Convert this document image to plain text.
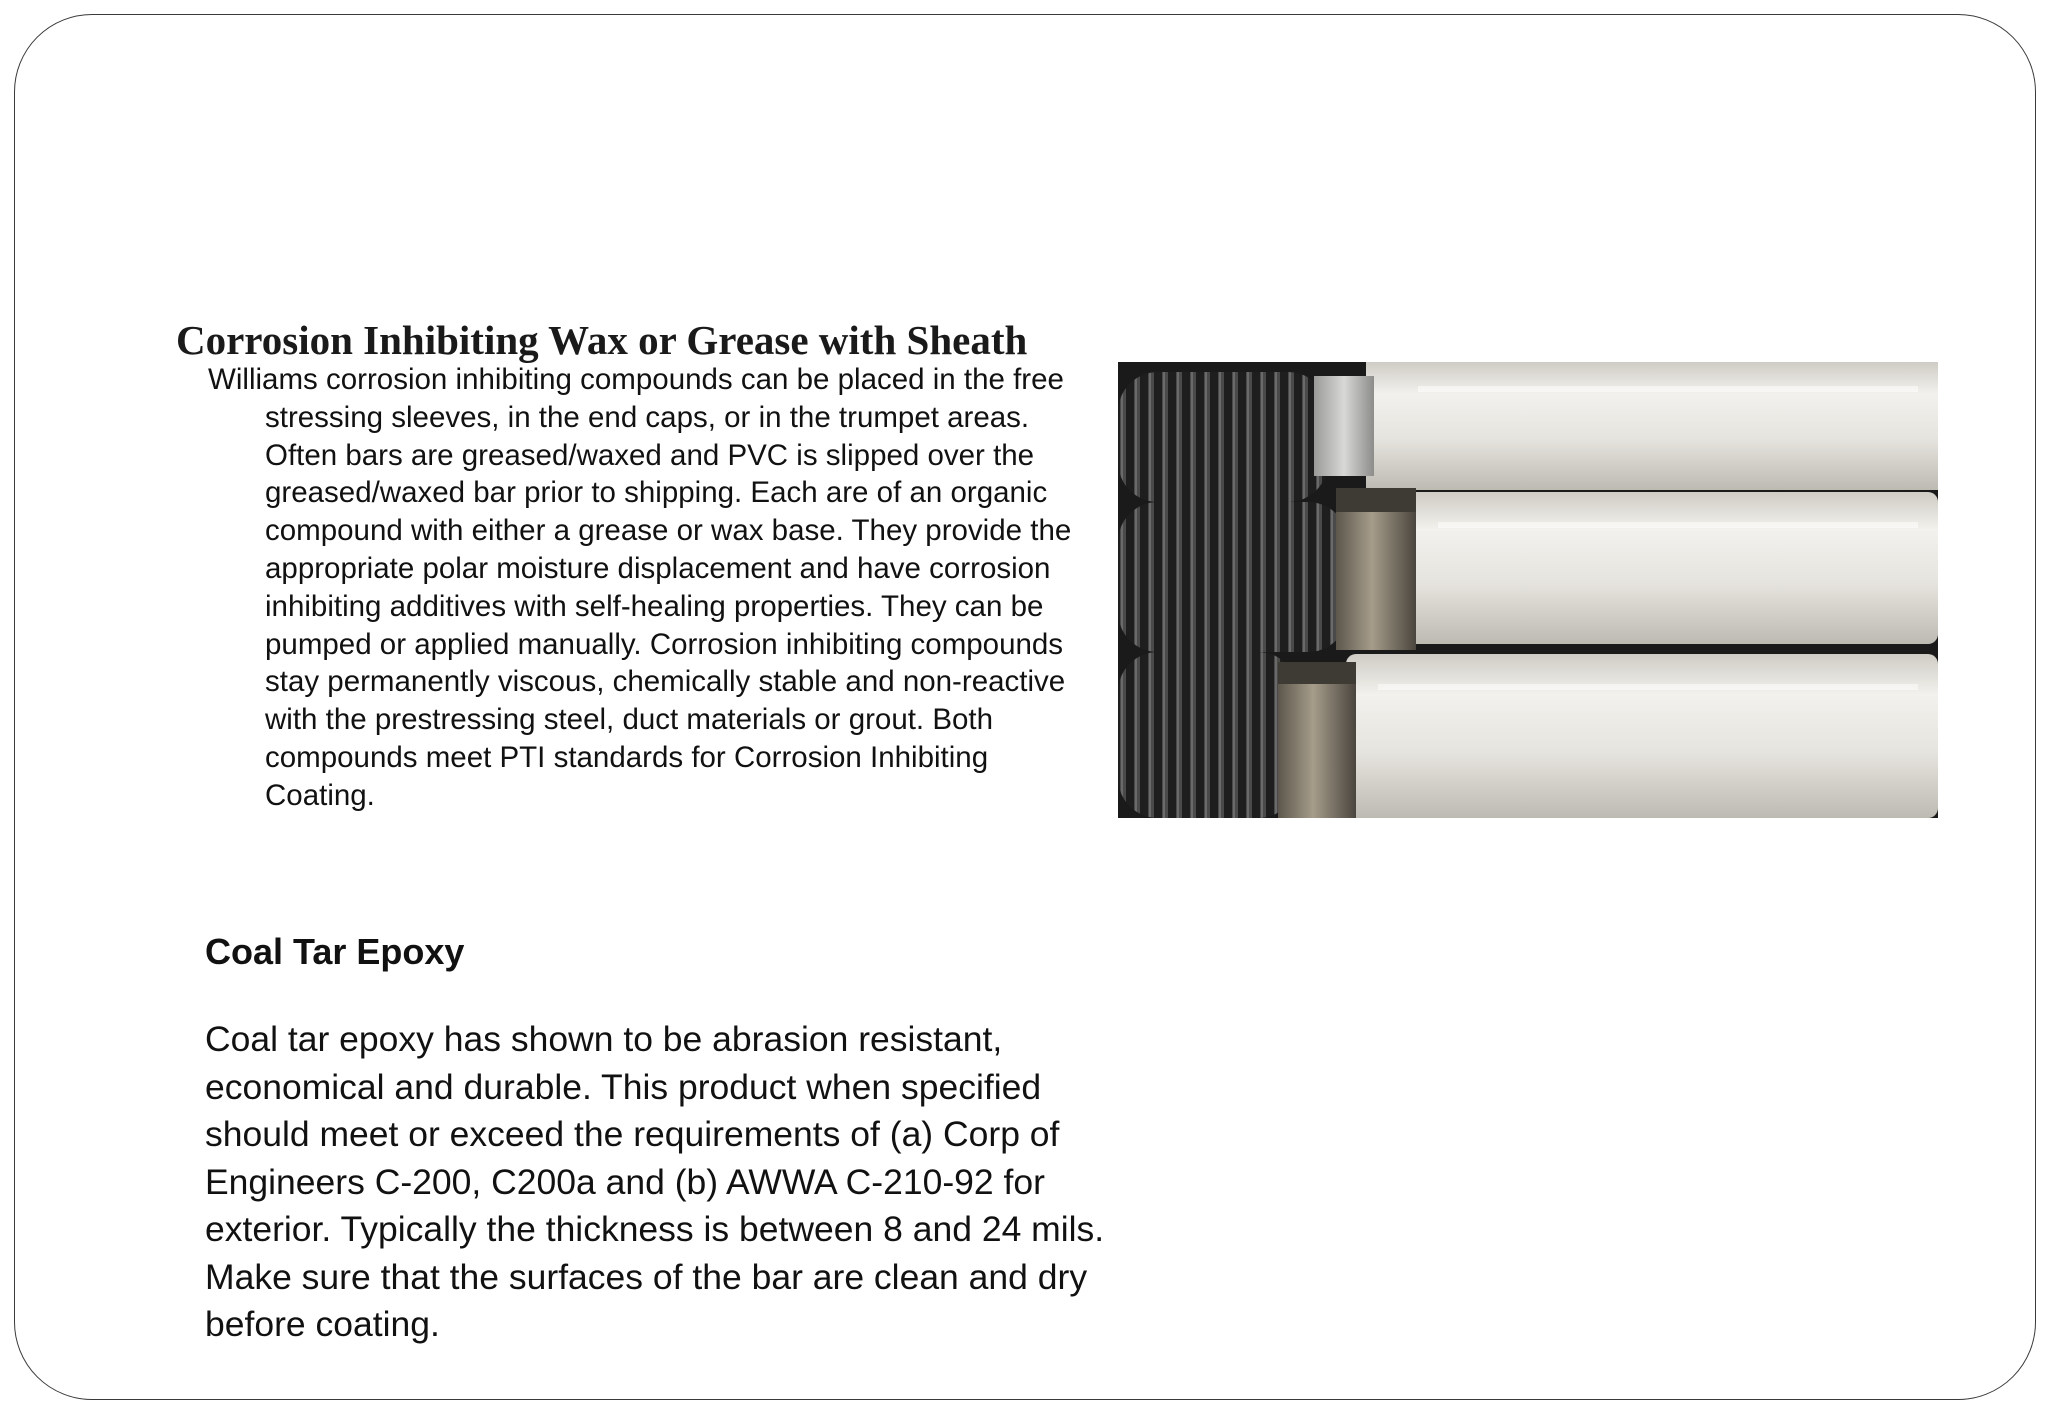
Corrosion Inhibiting Wax or Grease with Sheath

Williams corrosion inhibiting compounds can be placed in the free stressing sleeves, in the end caps, or in the trumpet areas. Often bars are greased/waxed and PVC is slipped over the greased/waxed bar prior to shipping. Each are of an organic compound with either a grease or wax base. They provide the appropriate polar moisture displacement and have corrosion inhibiting additives with self-healing properties. They can be pumped or applied manually. Corrosion inhibiting compounds stay permanently viscous, chemically stable and non-reactive with the prestressing steel, duct materials or grout. Both compounds meet PTI standards for Corrosion Inhibiting Coating.

Coal Tar Epoxy

Coal tar epoxy has shown to be abrasion resistant, economical and durable. This product when specified should meet or exceed the requirements of (a) Corp of Engineers C-200, C200a and (b) AWWA C-210-92 for exterior. Typically the thickness is between 8 and 24 mils. Make sure that the surfaces of the bar are clean and dry before coating.
